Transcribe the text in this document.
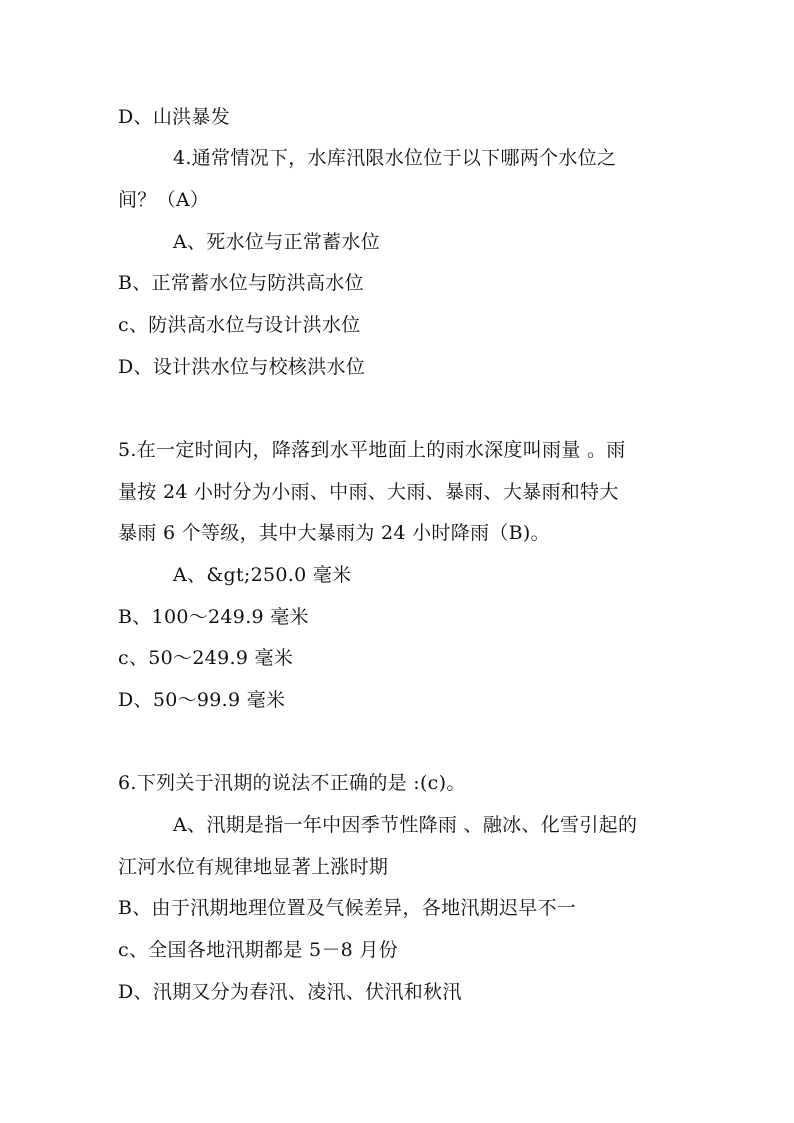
D、山洪暴发
4.通常情况下，水库汛限水位位于以下哪两个水位之
间？（A）
A、死水位与正常蓄水位
B、正常蓄水位与防洪高水位
c、防洪高水位与设计洪水位
D、设计洪水位与校核洪水位
5.在一定时间内，降落到水平地面上的雨水深度叫雨量 。雨
量按 24 小时分为小雨、中雨、大雨、暴雨、大暴雨和特大
暴雨 6 个等级，其中大暴雨为 24 小时降雨（B)。
A、&gt;250.0 毫米
B、100～249.9 毫米
c、50～249.9 毫米
D、50～99.9 毫米
6.下列关于汛期的说法不正确的是 :(c)。
A、汛期是指一年中因季节性降雨 、融冰、化雪引起的
江河水位有规律地显著上涨时期
B、由于汛期地理位置及气候差异，各地汛期迟早不一
c、全国各地汛期都是 5－8 月份
D、汛期又分为春汛、凌汛、伏汛和秋汛
